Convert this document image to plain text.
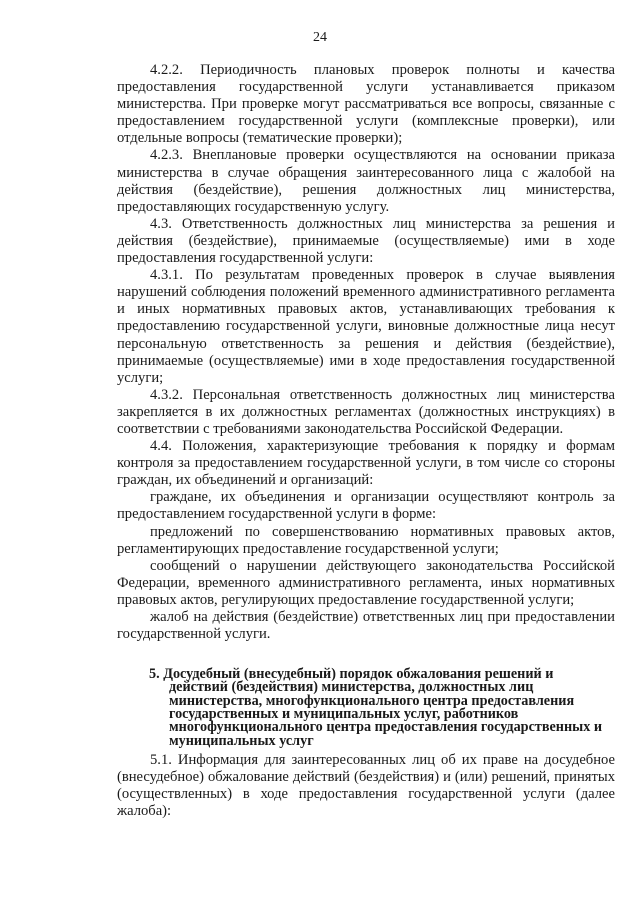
24

4.2.2. Периодичность плановых проверок полноты и качества предоставления государственной услуги устанавливается приказом министерства. При проверке могут рассматриваться все вопросы, связанные с предоставлением государственной услуги (комплексные проверки), или отдельные вопросы (тематические проверки);

4.2.3. Внеплановые проверки осуществляются на основании приказа министерства в случае обращения заинтересованного лица с жалобой на действия (бездействие), решения должностных лиц министерства, предоставляющих государственную услугу.

4.3. Ответственность должностных лиц министерства за решения и действия (бездействие), принимаемые (осуществляемые) ими в ходе предоставления государственной услуги:

4.3.1. По результатам проведенных проверок в случае выявления нарушений соблюдения положений временного административного регламента и иных нормативных правовых актов, устанавливающих требования к предоставлению государственной услуги, виновные должностные лица несут персональную ответственность за решения и действия (бездействие), принимаемые (осуществляемые) ими в ходе предоставления государственной услуги;

4.3.2. Персональная ответственность должностных лиц министерства закрепляется в их должностных регламентах (должностных инструкциях) в соответствии с требованиями законодательства Российской Федерации.

4.4. Положения, характеризующие требования к порядку и формам контроля за предоставлением государственной услуги, в том числе со стороны граждан, их объединений и организаций:

граждане, их объединения и организации осуществляют контроль за предоставлением государственной услуги в форме:

предложений по совершенствованию нормативных правовых актов, регламентирующих предоставление государственной услуги;

сообщений о нарушении действующего законодательства Российской Федерации, временного административного регламента, иных нормативных правовых актов, регулирующих предоставление государственной услуги;

жалоб на действия (бездействие) ответственных лиц при предоставлении государственной услуги.

5. Досудебный (внесудебный) порядок обжалования решений и действий (бездействия) министерства, должностных лиц министерства, многофункционального центра предоставления государственных и муниципальных услуг, работников многофункционального центра предоставления государственных и муниципальных услуг

5.1. Информация для заинтересованных лиц об их праве на досудебное (внесудебное) обжалование действий (бездействия) и (или) решений, принятых (осуществленных) в ходе предоставления государственной услуги (далее жалоба):
